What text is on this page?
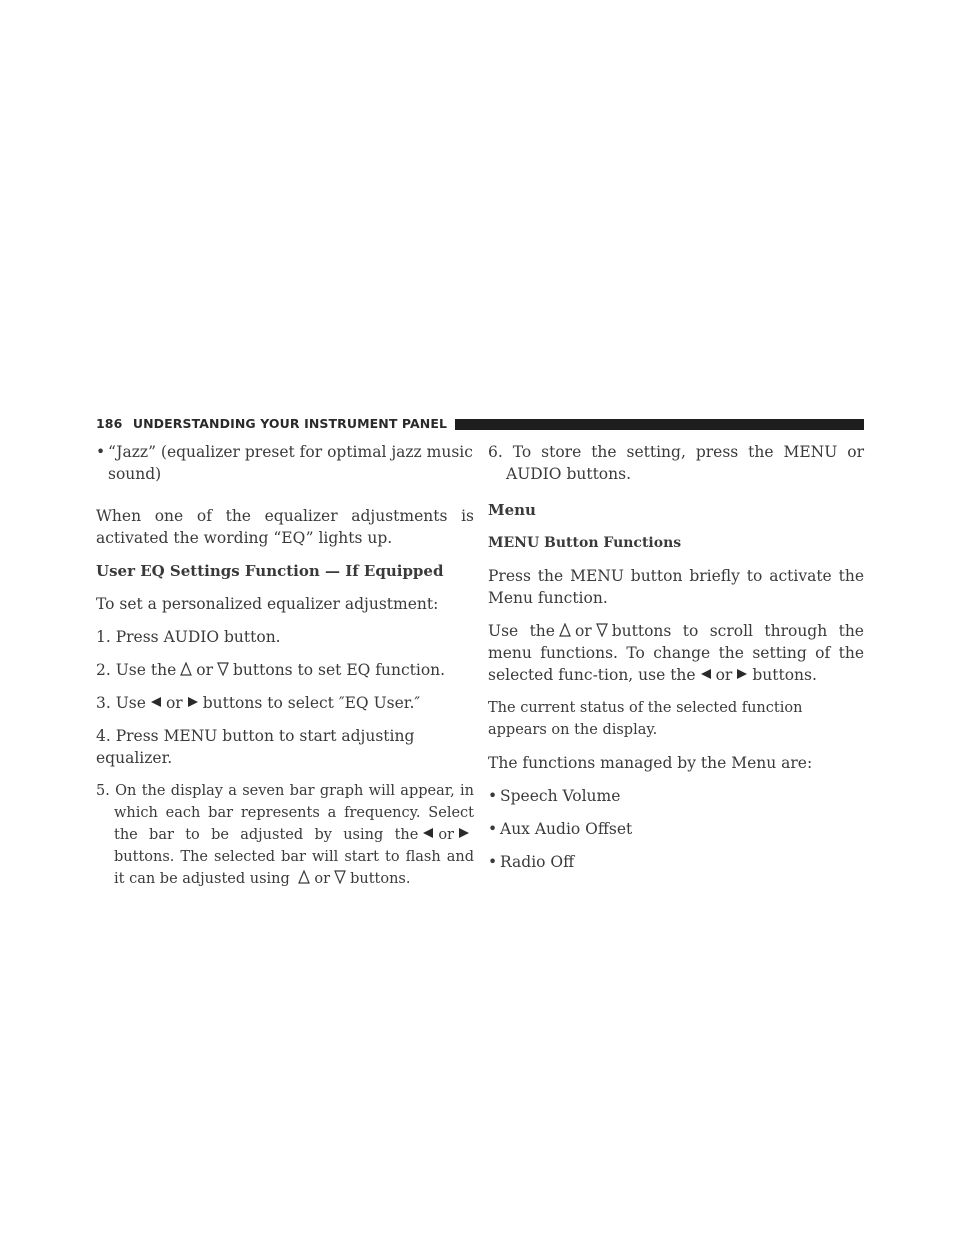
186 UNDERSTANDING YOUR INSTRUMENT PANEL
• “Jazz” (equalizer preset for optimal jazz music sound)
When one of the equalizer adjustments is activated the wording “EQ” lights up.
User EQ Settings Function — If Equipped
To set a personalized equalizer adjustment:
1. Press AUDIO button.
2. Use the or buttons to set EQ function.
3. Use or buttons to select ″EQ User.″
4. Press MENU button to start adjusting equalizer.
5. On the display a seven bar graph will appear, in which each bar represents a frequency. Select the bar to be adjusted by using the or
buttons. The selected bar will start to flash and it can be adjusted using or buttons.
6. To store the setting, press the MENU or AUDIO buttons.
Menu
MENU Button Functions
Press the MENU button briefly to activate the Menu function.
Use the or buttons to scroll through the menu functions. To change the setting of the selected func-tion, use the or buttons.
The current status of the selected function appears on the display.
The functions managed by the Menu are:
• Speech Volume
• Aux Audio Offset
• Radio Off
